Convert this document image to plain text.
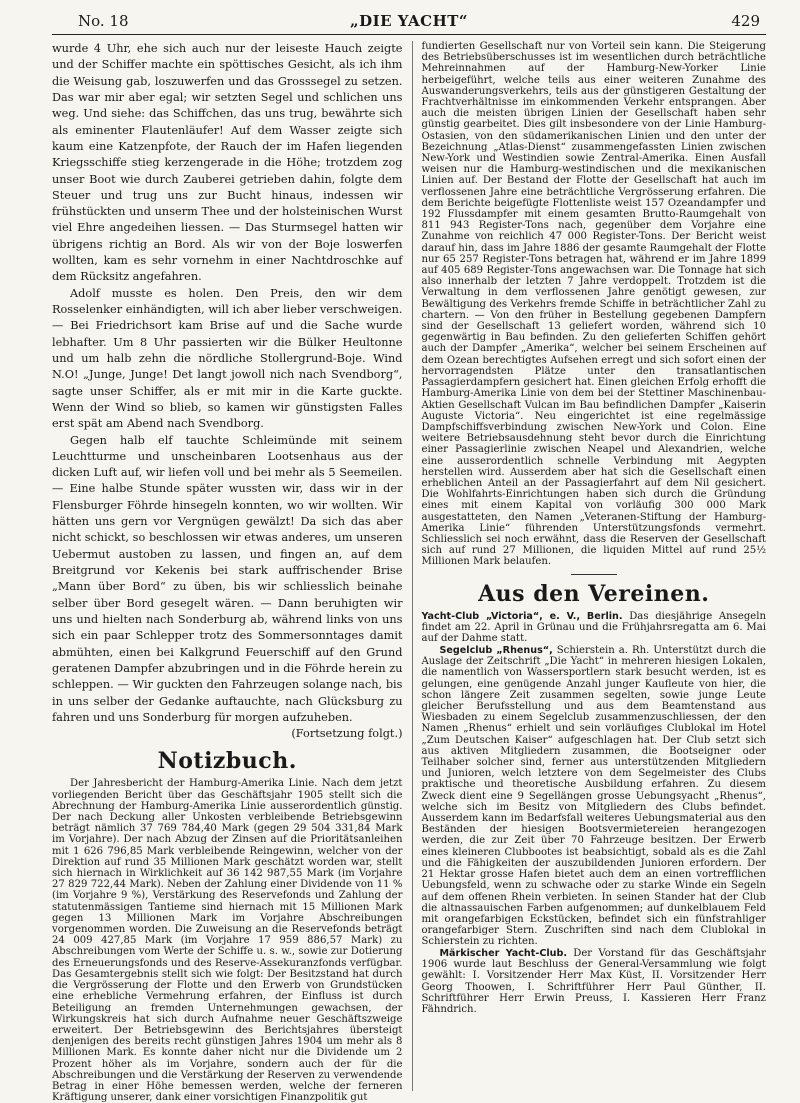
No. 18	„DIE YACHT“	429

wurde 4 Uhr, ehe sich auch nur der leiseste Hauch zeigte und der Schiffer machte ein spöttisches Gesicht, als ich ihm die Weisung gab, loszuwerfen und das Grosssegel zu setzen. Das war mir aber egal; wir setzten Segel und schlichen uns weg. Und siehe: das Schiffchen, das uns trug, bewährte sich als eminenter Flautenläufer! Auf dem Wasser zeigte sich kaum eine Katzenpfote, der Rauch der im Hafen liegenden Kriegsschiffe stieg kerzengerade in die Höhe; trotzdem zog unser Boot wie durch Zauberei getrieben dahin, folgte dem Steuer und trug uns zur Bucht hinaus, indessen wir frühstückten und unserm Thee und der holsteinischen Wurst viel Ehre angedeihen liessen. — Das Sturmsegel hatten wir übrigens richtig an Bord. Als wir von der Boje loswerfen wollten, kam es sehr vornehm in einer Nachtdroschke auf dem Rücksitz angefahren.

Adolf musste es holen. Den Preis, den wir dem Rosselenker einhändigten, will ich aber lieber verschweigen. — Bei Friedrichsort kam Brise auf und die Sache wurde lebhafter. Um 8 Uhr passierten wir die Bülker Heultonne und um halb zehn die nördliche Stollergrund-Boje. Wind N.O! „Junge, Junge! Det langt jowoll nich nach Svendborg“, sagte unser Schiffer, als er mit mir in die Karte guckte. Wenn der Wind so blieb, so kamen wir günstigsten Falles erst spät am Abend nach Svendborg.

Gegen halb elf tauchte Schleimünde mit seinem Leuchtturme und unscheinbaren Lootsenhaus aus der dicken Luft auf, wir liefen voll und bei mehr als 5 Seemeilen. — Eine halbe Stunde später wussten wir, dass wir in der Flensburger Föhrde hinsegeln konnten, wo wir wollten. Wir hätten uns gern vor Vergnügen gewälzt! Da sich das aber nicht schickt, so beschlossen wir etwas anderes, um unseren Uebermut austoben zu lassen, und fingen an, auf dem Breitgrund vor Kekenis bei stark auffrischender Brise „Mann über Bord“ zu üben, bis wir schliesslich beinahe selber über Bord gesegelt wären. — Dann beruhigten wir uns und hielten nach Sonderburg ab, während links von uns sich ein paar Schlepper trotz des Sommersonntages damit abmühten, einen bei Kalkgrund Feuerschiff auf den Grund geratenen Dampfer abzubringen und in die Föhrde herein zu schleppen. — Wir guckten den Fahrzeugen solange nach, bis in uns selber der Gedanke auftauchte, nach Glücksburg zu fahren und uns Sonderburg für morgen aufzuheben.

(Fortsetzung folgt.)
Notizbuch.

Der Jahresbericht der Hamburg-Amerika Linie. Nach dem jetzt vorliegenden Bericht über das Geschäftsjahr 1905 stellt sich die Abrechnung der Hamburg-Amerika Linie ausserordentlich günstig. Der nach Deckung aller Unkosten verbleibende Betriebsgewinn beträgt nämlich 37 769 784,40 Mark (gegen 29 504 331,84 Mark im Vorjahre). Der nach Abzug der Zinsen auf die Prioritätsanleihen mit 1 626 796,85 Mark verbleibende Reingewinn, welcher von der Direktion auf rund 35 Millionen Mark geschätzt worden war, stellt sich hiernach in Wirklichkeit auf 36 142 987,55 Mark (im Vorjahre 27 829 722,44 Mark). Neben der Zahlung einer Dividende von 11 % (im Vorjahre 9 %), Verstärkung des Reservefonds und Zahlung der statutenmässigen Tantieme sind hiernach mit 15 Millionen Mark gegen 13 Millionen Mark im Vorjahre Abschreibungen vorgenommen worden. Die Zuweisung an die Reservefonds beträgt 24 009 427,85 Mark (im Vorjahre 17 959 886,57 Mark) zu Abschreibungen vom Werte der Schiffe u. s. w., sowie zur Dotierung des Erneuerungsfonds und des Reserve-Assekuranzfonds verfügbar. Das Gesamtergebnis stellt sich wie folgt: Der Besitzstand hat durch die Vergrösserung der Flotte und den Erwerb von Grundstücken eine erhebliche Vermehrung erfahren, der Einfluss ist durch Beteiligung an fremden Unternehmungen gewachsen, der Wirkungskreis hat sich durch Aufnahme neuer Geschäftszweige erweitert. Der Betriebsgewinn des Berichtsjahres übersteigt denjenigen des bereits recht günstigen Jahres 1904 um mehr als 8 Millionen Mark. Es konnte daher nicht nur die Dividende um 2 Prozent höher als im Vorjahre, sondern auch der für die Abschreibungen und die Verstärkung der Reserven zu verwendende Betrag in einer Höhe bemessen werden, welche der ferneren Kräftigung unserer, dank einer vorsichtigen Finanzpolitik gut

fundierten Gesellschaft nur von Vorteil sein kann. Die Steigerung des Betriebsüberschusses ist im wesentlichen durch beträchtliche Mehreinnahmen auf der Hamburg-New-Yorker Linie herbeigeführt, welche teils aus einer weiteren Zunahme des Auswanderungsverkehrs, teils aus der günstigeren Gestaltung der Frachtverhältnisse im einkommenden Verkehr entsprangen. Aber auch die meisten übrigen Linien der Gesellschaft haben sehr günstig gearbeitet. Dies gilt insbesondere von der Linie Hamburg-Ostasien, von den südamerikanischen Linien und den unter der Bezeichnung „Atlas-Dienst“ zusammengefassten Linien zwischen New-York und Westindien sowie Zentral-Amerika. Einen Ausfall weisen nur die Hamburg-westindischen und die mexikanischen Linien auf. Der Bestand der Flotte der Gesellschaft hat auch im verflossenen Jahre eine beträchtliche Vergrösserung erfahren. Die dem Berichte beigefügte Flottenliste weist 157 Ozeandampfer und 192 Flussdampfer mit einem gesamten Brutto-Raumgehalt von 811 943 Register-Tons nach, gegenüber dem Vorjahre eine Zunahme von reichlich 47 000 Register-Tons. Der Bericht weist darauf hin, dass im Jahre 1886 der gesamte Raumgehalt der Flotte nur 65 257 Register-Tons betragen hat, während er im Jahre 1899 auf 405 689 Register-Tons angewachsen war. Die Tonnage hat sich also innerhalb der letzten 7 Jahre verdoppelt. Trotzdem ist die Verwaltung in dem verflossenen Jahre genötigt gewesen, zur Bewältigung des Verkehrs fremde Schiffe in beträchtlicher Zahl zu chartern. — Von den früher in Bestellung gegebenen Dampfern sind der Gesellschaft 13 geliefert worden, während sich 10 gegenwärtig in Bau befinden. Zu den gelieferten Schiffen gehört auch der Dampfer „Amerika“, welcher bei seinem Erscheinen auf dem Ozean berechtigtes Aufsehen erregt und sich sofort einen der hervorragendsten Plätze unter den transatlantischen Passagierdampfern gesichert hat. Einen gleichen Erfolg erhofft die Hamburg-Amerika Linie von dem bei der Stettiner Maschinenbau-Aktien Gesellschaft Vulcan im Bau befindlichen Dampfer „Kaiserin Auguste Victoria“. Neu eingerichtet ist eine regelmässige Dampfschiffsverbindung zwischen New-York und Colon. Eine weitere Betriebsausdehnung steht bevor durch die Einrichtung einer Passagierlinie zwischen Neapel und Alexandrien, welche eine ausserordentlich schnelle Verbindung mit Aegypten herstellen wird. Ausserdem aber hat sich die Gesellschaft einen erheblichen Anteil an der Passagierfahrt auf dem Nil gesichert. Die Wohlfahrts-Einrichtungen haben sich durch die Gründung eines mit einem Kapital von vorläufig 300 000 Mark ausgestatteten, den Namen „Veteranen-Stiftung der Hamburg-Amerika Linie“ führenden Unterstützungsfonds vermehrt. Schliesslich sei noch erwähnt, dass die Reserven der Gesellschaft sich auf rund 27 Millionen, die liquiden Mittel auf rund 25½ Millionen Mark belaufen.

Aus den Vereinen.

Yacht-Club „Victoria“, e. V., Berlin. Das diesjährige Ansegeln findet am 22. April in Grünau und die Frühjahrsregatta am 6. Mai auf der Dahme statt.

Segelclub „Rhenus“, Schierstein a. Rh. Unterstützt durch die Auslage der Zeitschrift „Die Yacht“ in mehreren hiesigen Lokalen, die namentlich von Wassersportlern stark besucht werden, ist es gelungen, eine genügende Anzahl junger Kaufleute von hier, die schon längere Zeit zusammen segelten, sowie junge Leute gleicher Berufsstellung und aus dem Beamtenstand aus Wiesbaden zu einem Segelclub zusammenzuschliessen, der den Namen „Rhenus“ erhielt und sein vorläufiges Clublokal im Hotel „Zum Deutschen Kaiser“ aufgeschlagen hat. Der Club setzt sich aus aktiven Mitgliedern zusammen, die Bootseigner oder Teilhaber solcher sind, ferner aus unterstützenden Mitgliedern und Junioren, welch letztere von dem Segelmeister des Clubs praktische und theoretische Ausbildung erfahren. Zu diesem Zweck dient eine 9 Segellängen grosse Uebungsyacht „Rhenus“, welche sich im Besitz von Mitgliedern des Clubs befindet. Ausserdem kann im Bedarfsfall weiteres Uebungsmaterial aus den Beständen der hiesigen Bootsvermietereien herangezogen werden, die zur Zeit über 70 Fahrzeuge besitzen. Der Erwerb eines kleineren Clubbootes ist beabsichtigt, sobald als es die Zahl und die Fähigkeiten der auszubildenden Junioren erfordern. Der 21 Hektar grosse Hafen bietet auch dem an einen vortrefflichen Uebungsfeld, wenn zu schwache oder zu starke Winde ein Segeln auf dem offenen Rhein verbieten. In seinen Stander hat der Club die altnassauischen Farben aufgenommen; auf dunkelblauem Feld mit orangefarbigen Eckstücken, befindet sich ein fünfstrahliger orangefarbiger Stern. Zuschriften sind nach dem Clublokal in Schierstein zu richten.

Märkischer Yacht-Club. Der Vorstand für das Geschäftsjahr 1906 wurde laut Beschluss der General-Versammlung wie folgt gewählt: I. Vorsitzender Herr Max Küst, II. Vorsitzender Herr Georg Thoowen, I. Schriftführer Herr Paul Günther, II. Schriftführer Herr Erwin Preuss, I. Kassieren Herr Franz Fähndrich.
